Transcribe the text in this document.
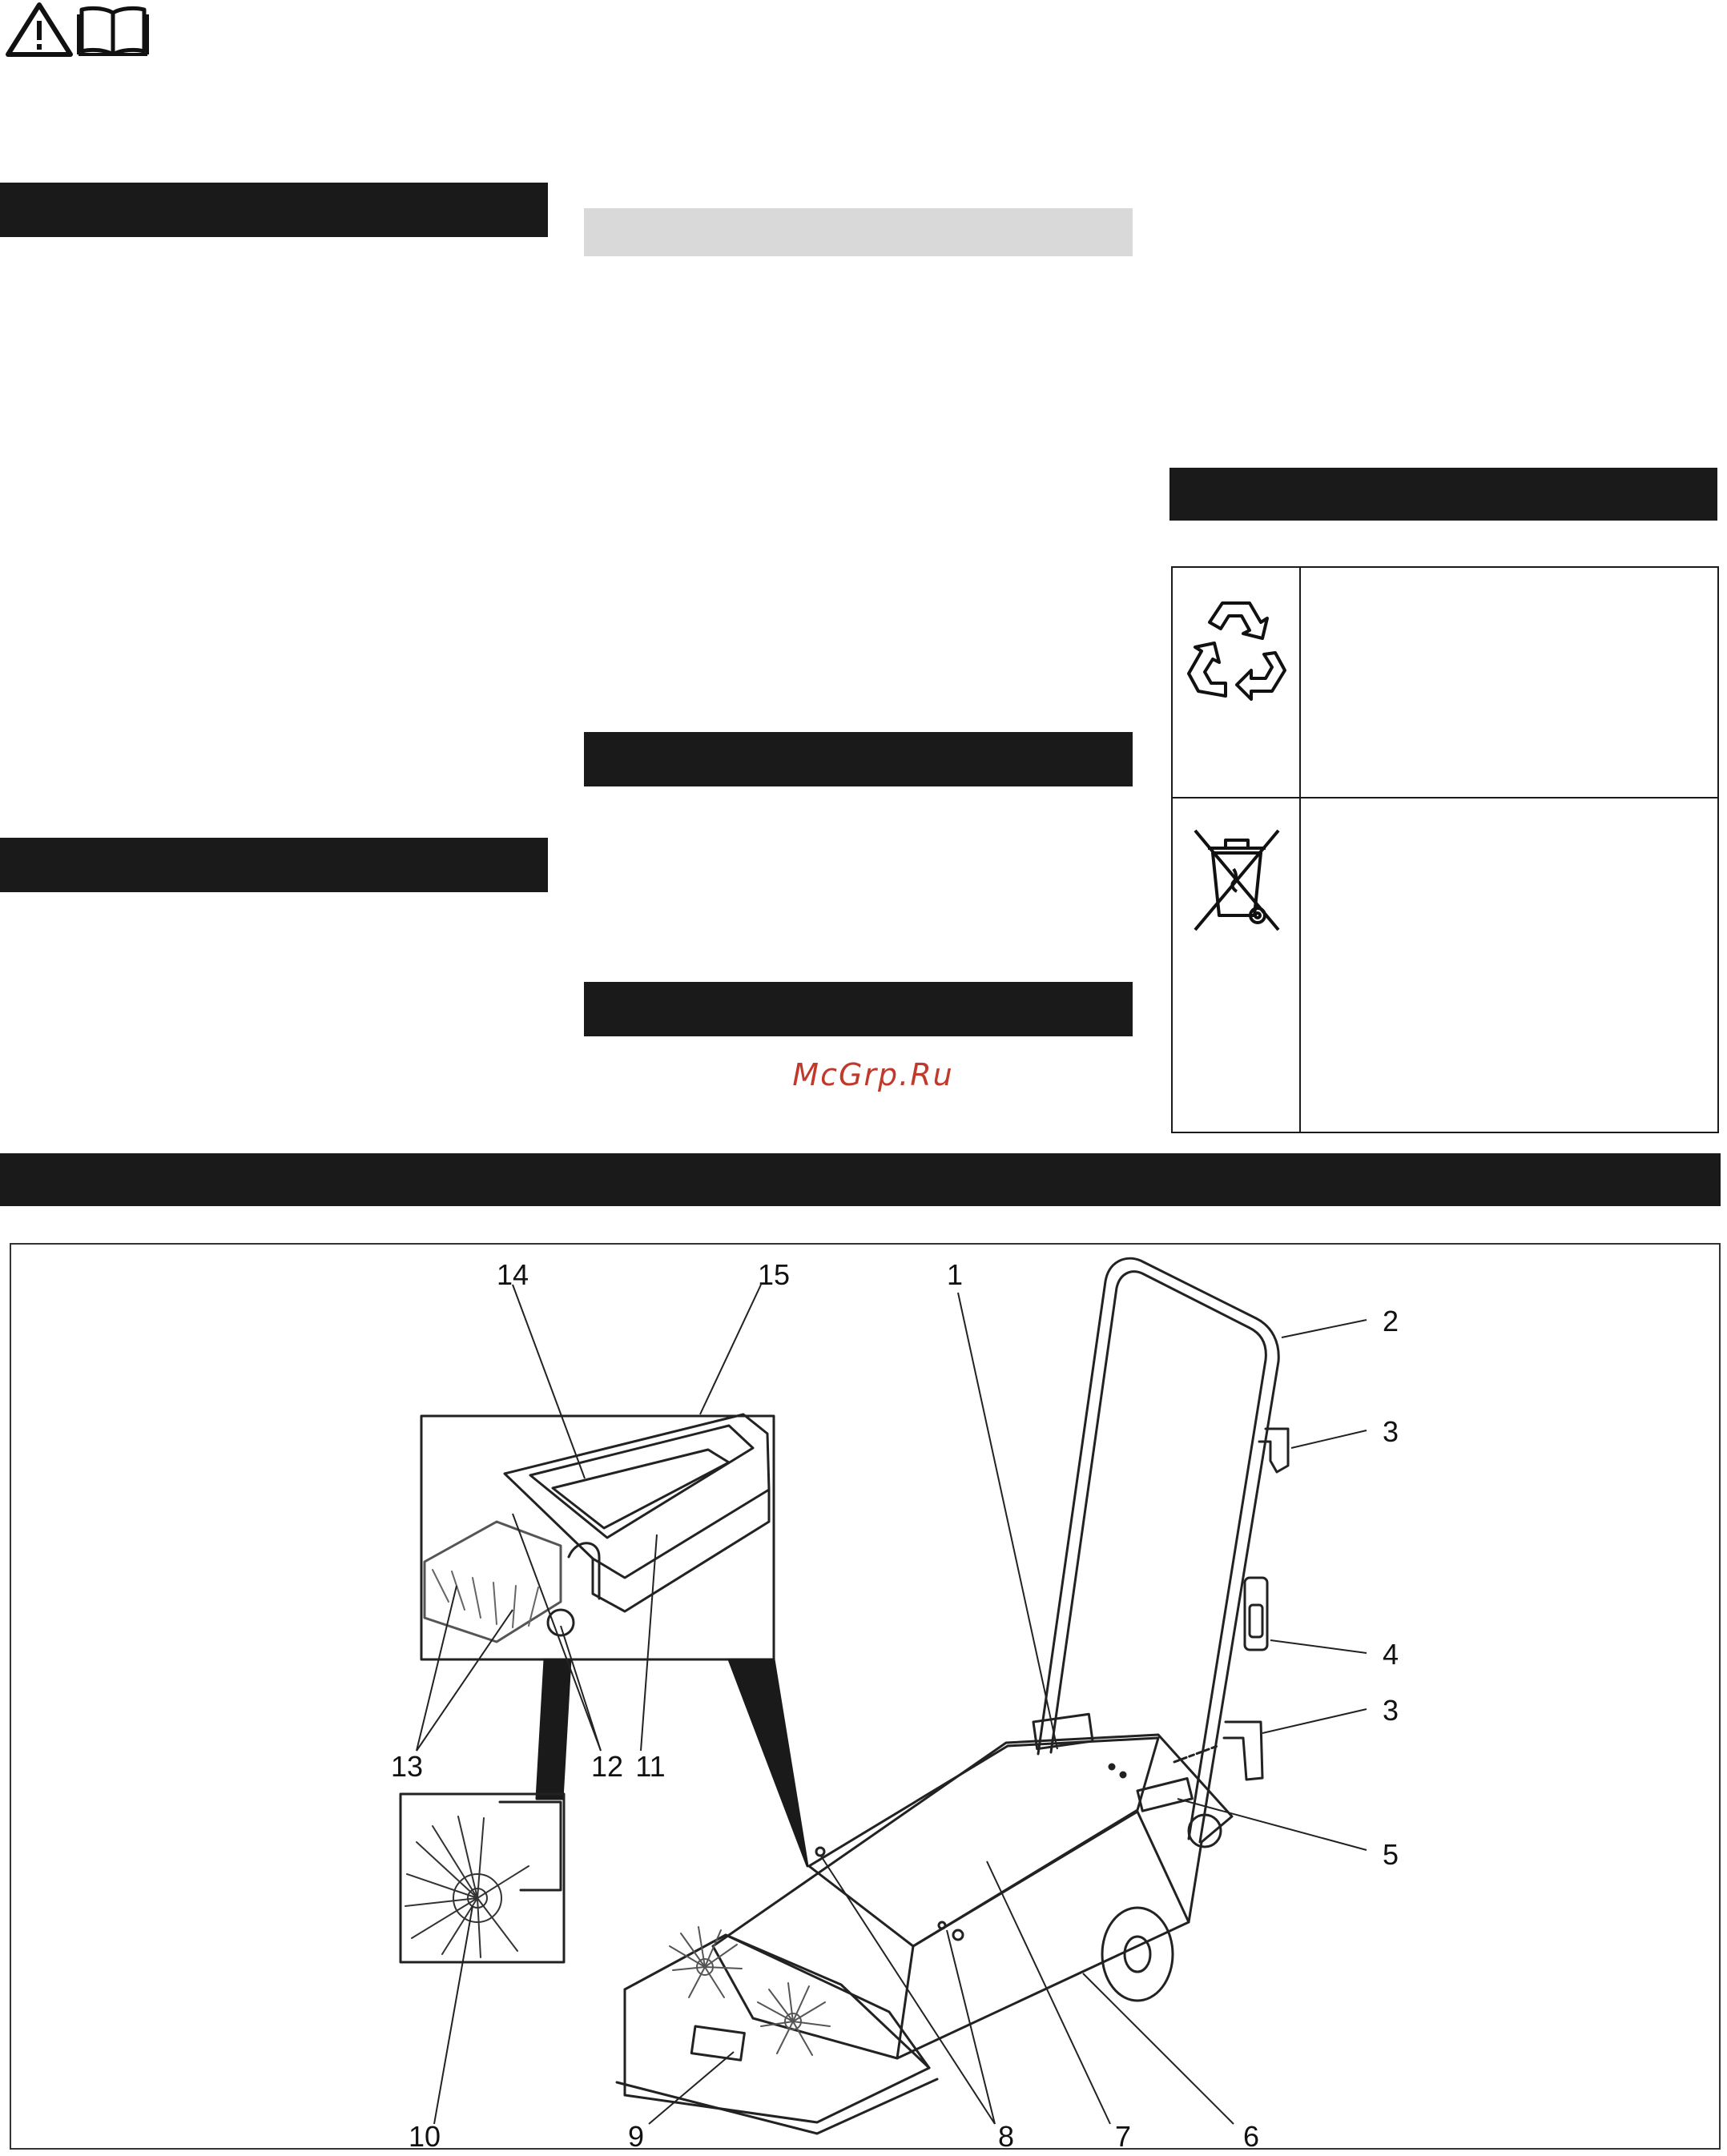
McGrp.Ru
1
2
3
4
3
5
6
7
8
9
10
11
12
13
14	15
